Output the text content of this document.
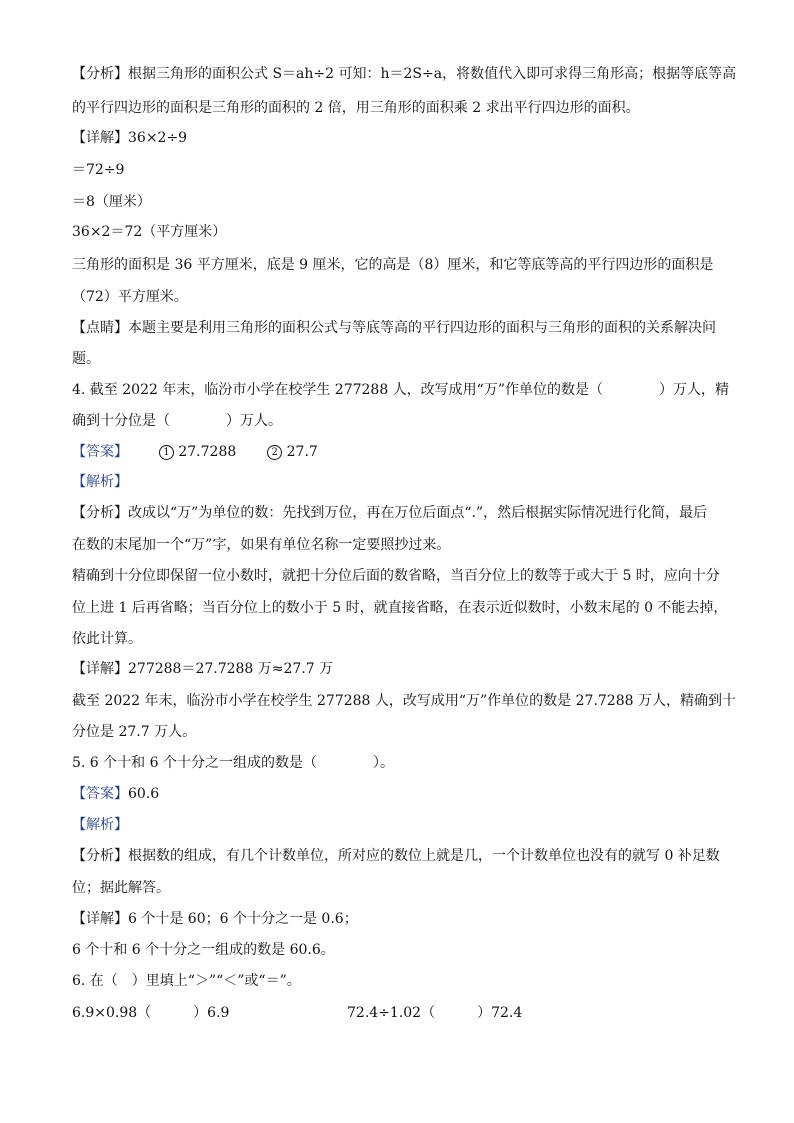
【分析】根据三角形的面积公式 S＝ah÷2 可知：h＝2S÷a，将数值代入即可求得三角形高；根据等底等高
的平行四边形的面积是三角形的面积的 2 倍，用三角形的面积乘 2 求出平行四边形的面积。
【详解】36×2÷9
＝72÷9
＝8（厘米）
36×2＝72（平方厘米）
三角形的面积是 36 平方厘米，底是 9 厘米，它的高是（8）厘米，和它等底等高的平行四边形的面积是
（72）平方厘米。
【点睛】本题主要是利用三角形的面积公式与等底等高的平行四边形的面积与三角形的面积的关系解决问
题。
4. 截至 2022 年末，临汾市小学在校学生 277288 人，改写成用“万”作单位的数是（　　　　）万人，精
确到十分位是（　　　　）万人。
【答案】	1 27.7288	2 27.7
【解析】
【分析】改成以“万”为单位的数：先找到万位，再在万位后面点“.”，然后根据实际情况进行化简，最后
在数的末尾加一个“万”字，如果有单位名称一定要照抄过来。
精确到十分位即保留一位小数时，就把十分位后面的数省略，当百分位上的数等于或大于 5 时，应向十分
位上进 1 后再省略；当百分位上的数小于 5 时，就直接省略，在表示近似数时，小数末尾的 0 不能去掉，
依此计算。
【详解】277288＝27.7288 万≈27.7 万
截至 2022 年末，临汾市小学在校学生 277288 人，改写成用“万”作单位的数是 27.7288 万人，精确到十
分位是 27.7 万人。
5. 6 个十和 6 个十分之一组成的数是（　　　　）。
【答案】60.6
【解析】
【分析】根据数的组成，有几个计数单位，所对应的数位上就是几，一个计数单位也没有的就写 0 补足数
位；据此解答。
【详解】6 个十是 60；6 个十分之一是 0.6；
6 个十和 6 个十分之一组成的数是 60.6。
6. 在（　）里填上“＞”“＜”或“＝”。
6.9×0.98（　　　）6.9	72.4÷1.02（　　　）72.4
